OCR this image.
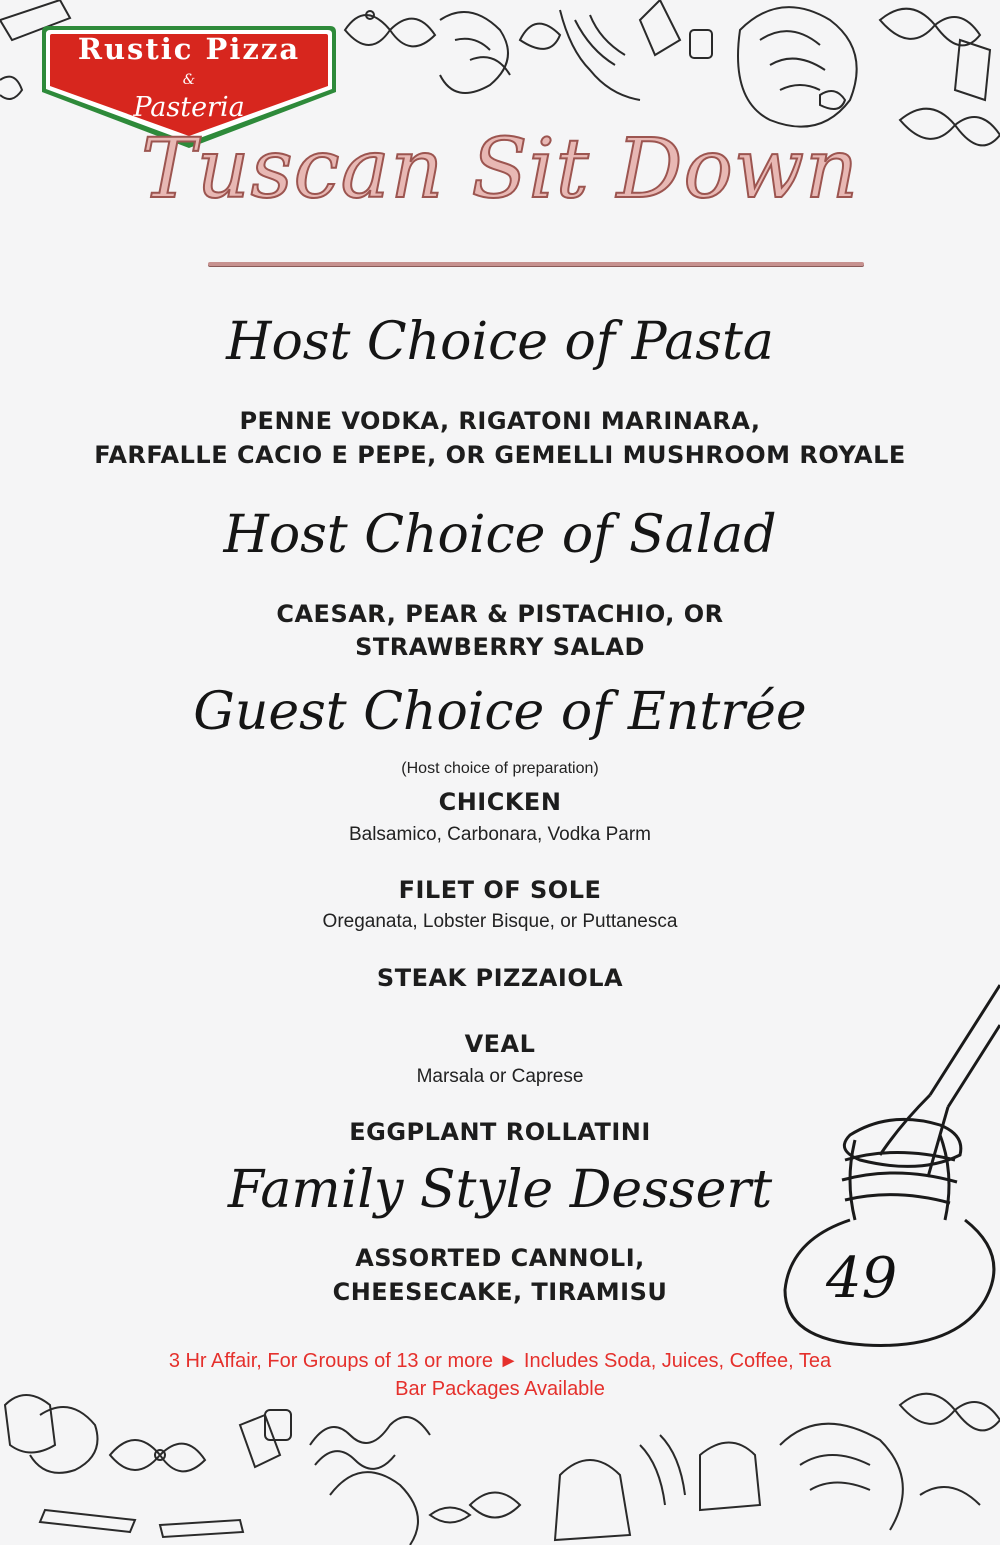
Rustic Pizza
&
Pasteria
Tuscan Sit Down
Host Choice of Pasta
PENNE VODKA, RIGATONI MARINARA,
FARFALLE CACIO E PEPE, OR GEMELLI MUSHROOM ROYALE
Host Choice of Salad
CAESAR, PEAR & PISTACHIO, OR
STRAWBERRY SALAD
Guest Choice of Entrée
(Host choice of preparation)
CHICKEN
Balsamico, Carbonara, Vodka Parm
FILET OF SOLE
Oreganata, Lobster Bisque, or Puttanesca
STEAK PIZZAIOLA
VEAL
Marsala or Caprese
EGGPLANT ROLLATINI
Family Style Dessert
ASSORTED CANNOLI,
CHEESECAKE, TIRAMISU	49
3 Hr Affair, For Groups of 13 or more ► Includes Soda, Juices, Coffee, Tea
Bar Packages Available
